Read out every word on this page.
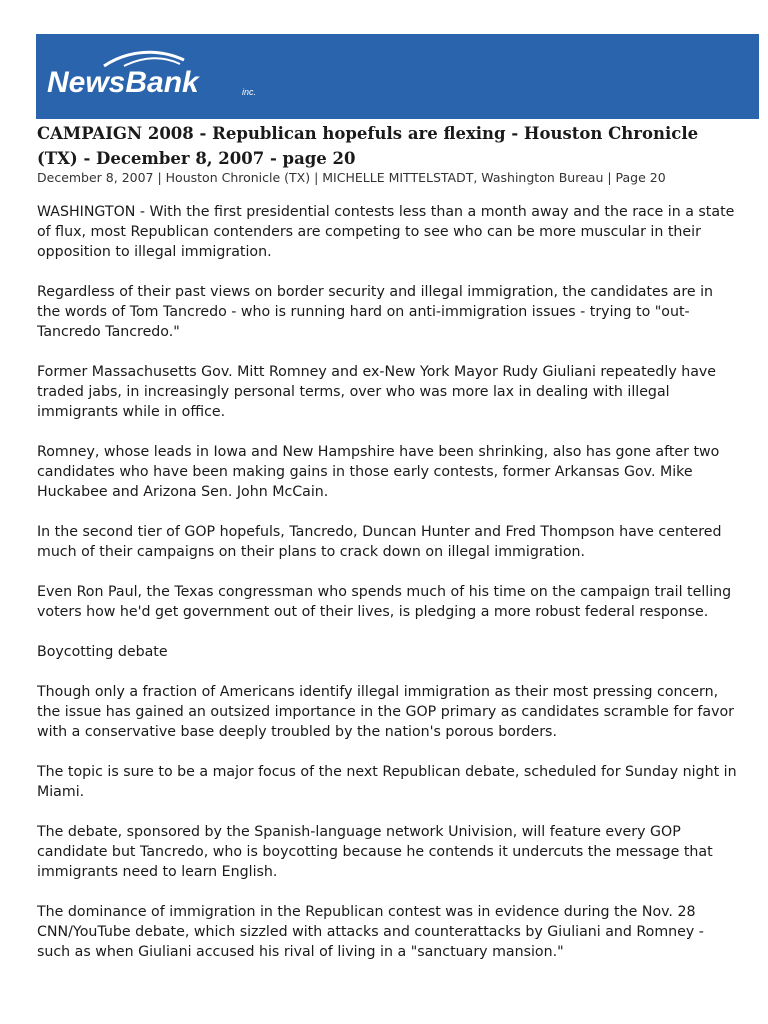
NewsBank	inc.
CAMPAIGN 2008 - Republican hopefuls are flexing - Houston Chronicle (TX) - December 8, 2007 - page 20

December 8, 2007 | Houston Chronicle (TX) | MICHELLE MITTELSTADT, Washington Bureau | Page 20

WASHINGTON - With the first presidential contests less than a month away and the race in a state of flux, most Republican contenders are competing to see who can be more muscular in their opposition to illegal immigration.

Regardless of their past views on border security and illegal immigration, the candidates are in the words of Tom Tancredo - who is running hard on anti-immigration issues - trying to "out-Tancredo Tancredo."

Former Massachusetts Gov. Mitt Romney and ex-New York Mayor Rudy Giuliani repeatedly have traded jabs, in increasingly personal terms, over who was more lax in dealing with illegal immigrants while in office.

Romney, whose leads in Iowa and New Hampshire have been shrinking, also has gone after two candidates who have been making gains in those early contests, former Arkansas Gov. Mike Huckabee and Arizona Sen. John McCain.

In the second tier of GOP hopefuls, Tancredo, Duncan Hunter and Fred Thompson have centered much of their campaigns on their plans to crack down on illegal immigration.

Even Ron Paul, the Texas congressman who spends much of his time on the campaign trail telling voters how he'd get government out of their lives, is pledging a more robust federal response.

Boycotting debate

Though only a fraction of Americans identify illegal immigration as their most pressing concern, the issue has gained an outsized importance in the GOP primary as candidates scramble for favor with a conservative base deeply troubled by the nation's porous borders.

The topic is sure to be a major focus of the next Republican debate, scheduled for Sunday night in Miami.

The debate, sponsored by the Spanish-language network Univision, will feature every GOP candidate but Tancredo, who is boycotting because he contends it undercuts the message that immigrants need to learn English.

The dominance of immigration in the Republican contest was in evidence during the Nov. 28 CNN/YouTube debate, which sizzled with attacks and counterattacks by Giuliani and Romney - such as when Giuliani accused his rival of living in a "sanctuary mansion."
